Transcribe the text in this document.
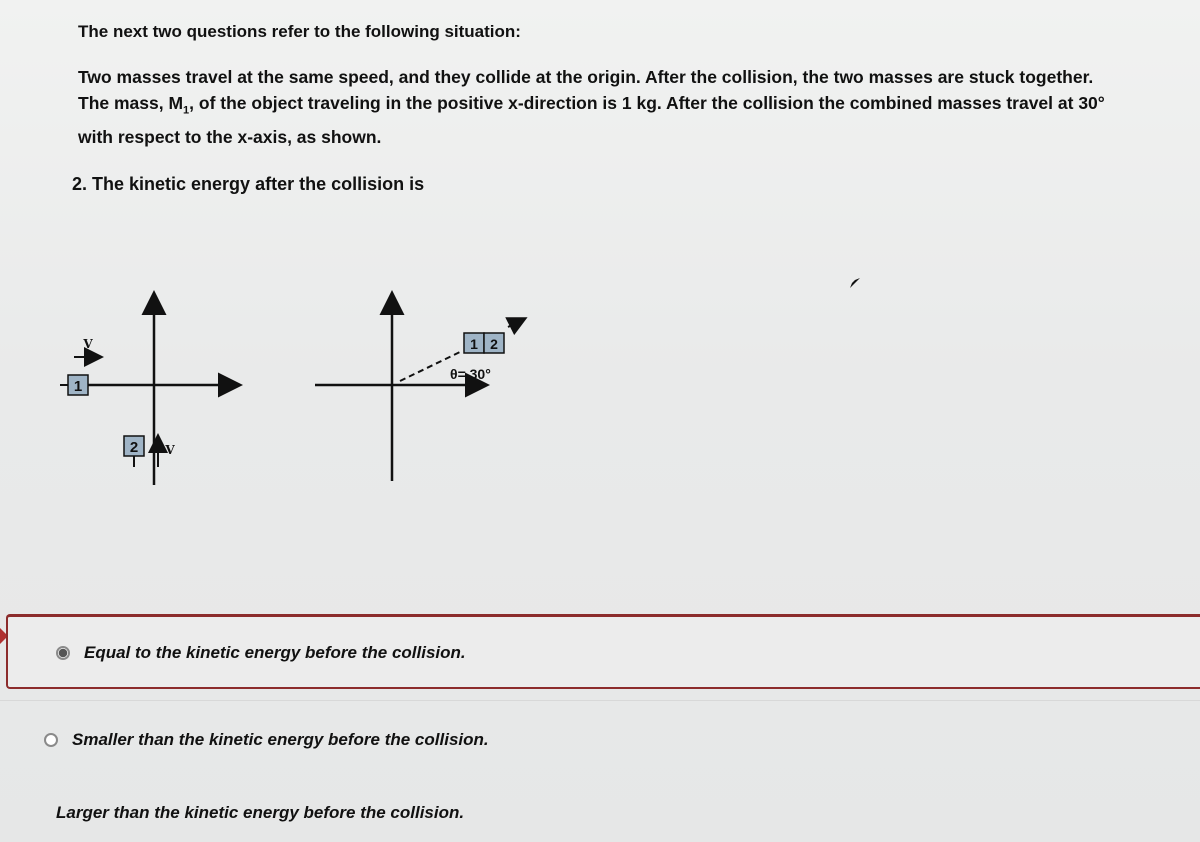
The next two questions refer to the following situation:

Two masses travel at the same speed, and they collide at the origin. After the collision, the two masses are stuck together.
The mass, $M_1$, of the object traveling in the positive x-direction is 1 kg. After the collision the combined masses travel at 30°
with respect to the x-axis, as shown.

2. The kinetic energy after the collision is

1
V
2 V
1 2
θ= 30°
Equal to the kinetic energy before the collision.
Smaller than the kinetic energy before the collision.
Larger than the kinetic energy before the collision.
